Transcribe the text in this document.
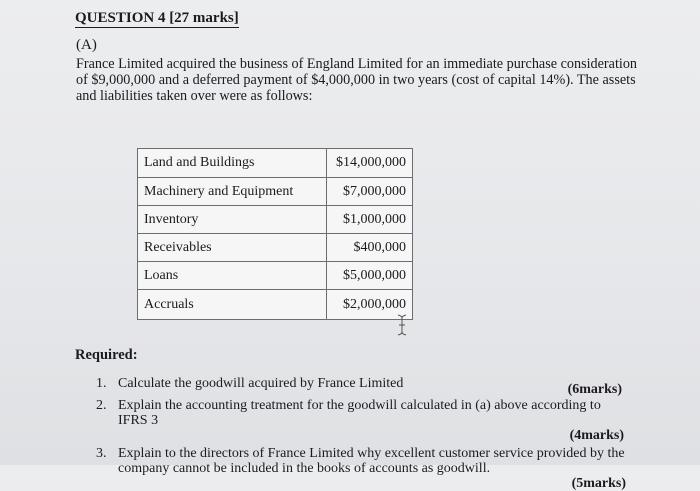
QUESTION 4 [27 marks]
(A)

France Limited acquired the business of England Limited for an immediate purchase consideration
of $9,000,000 and a deferred payment of $4,000,000 in two years (cost of capital 14%). The assets
and liabilities taken over were as follows:

Land and Buildings	$14,000,000
Machinery and Equipment	$7,000,000
Inventory	$1,000,000
Receivables	$400,000
Loans	$5,000,000
Accruals	$2,000,000
Required:
1. Calculate the goodwill acquired by France Limited	(6marks)
2. Explain the accounting treatment for the goodwill calculated in (a) above according to
IFRS 3
(4marks)
3. Explain to the directors of France Limited why excellent customer service provided by the
company cannot be included in the books of accounts as goodwill.
(5marks)
